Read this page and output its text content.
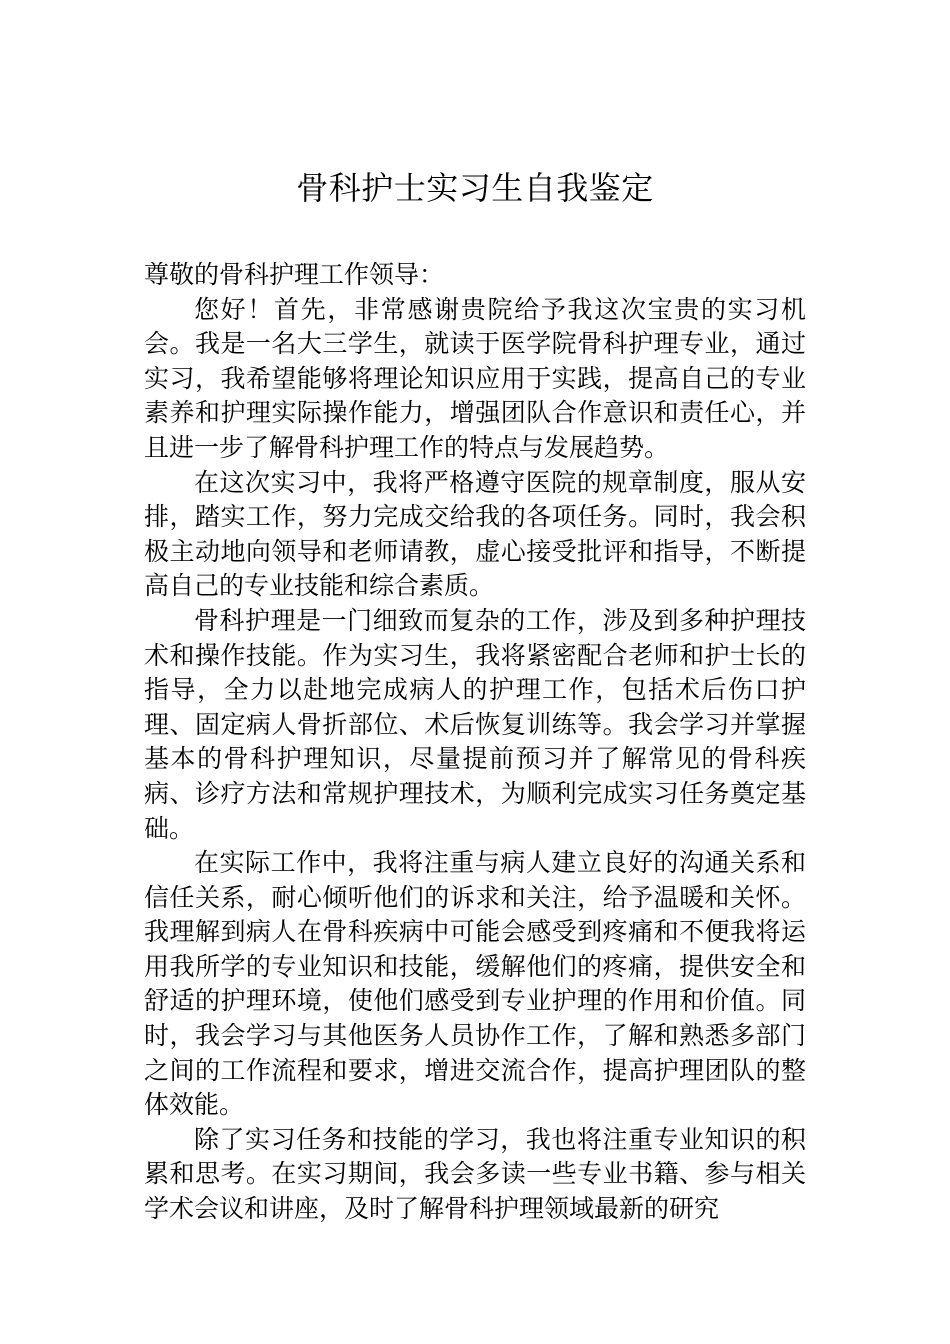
骨科护士实习生自我鉴定

尊敬的骨科护理工作领导：

您好！首先，非常感谢贵院给予我这次宝贵的实习机会。我是一名大三学生，就读于医学院骨科护理专业，通过实习，我希望能够将理论知识应用于实践，提高自己的专业素养和护理实际操作能力，增强团队合作意识和责任心，并且进一步了解骨科护理工作的特点与发展趋势。

在这次实习中，我将严格遵守医院的规章制度，服从安排，踏实工作，努力完成交给我的各项任务。同时，我会积极主动地向领导和老师请教，虚心接受批评和指导，不断提高自己的专业技能和综合素质。

骨科护理是一门细致而复杂的工作，涉及到多种护理技术和操作技能。作为实习生，我将紧密配合老师和护士长的指导，全力以赴地完成病人的护理工作，包括术后伤口护理、固定病人骨折部位、术后恢复训练等。我会学习并掌握基本的骨科护理知识，尽量提前预习并了解常见的骨科疾病、诊疗方法和常规护理技术，为顺利完成实习任务奠定基础。

在实际工作中，我将注重与病人建立良好的沟通关系和信任关系，耐心倾听他们的诉求和关注，给予温暖和关怀。我理解到病人在骨科疾病中可能会感受到疼痛和不便我将运用我所学的专业知识和技能，缓解他们的疼痛，提供安全和舒适的护理环境，使他们感受到专业护理的作用和价值。同时，我会学习与其他医务人员协作工作，了解和熟悉多部门之间的工作流程和要求，增进交流合作，提高护理团队的整体效能。

除了实习任务和技能的学习，我也将注重专业知识的积累和思考。在实习期间，我会多读一些专业书籍、参与相关学术会议和讲座，及时了解骨科护理领域最新的研究
